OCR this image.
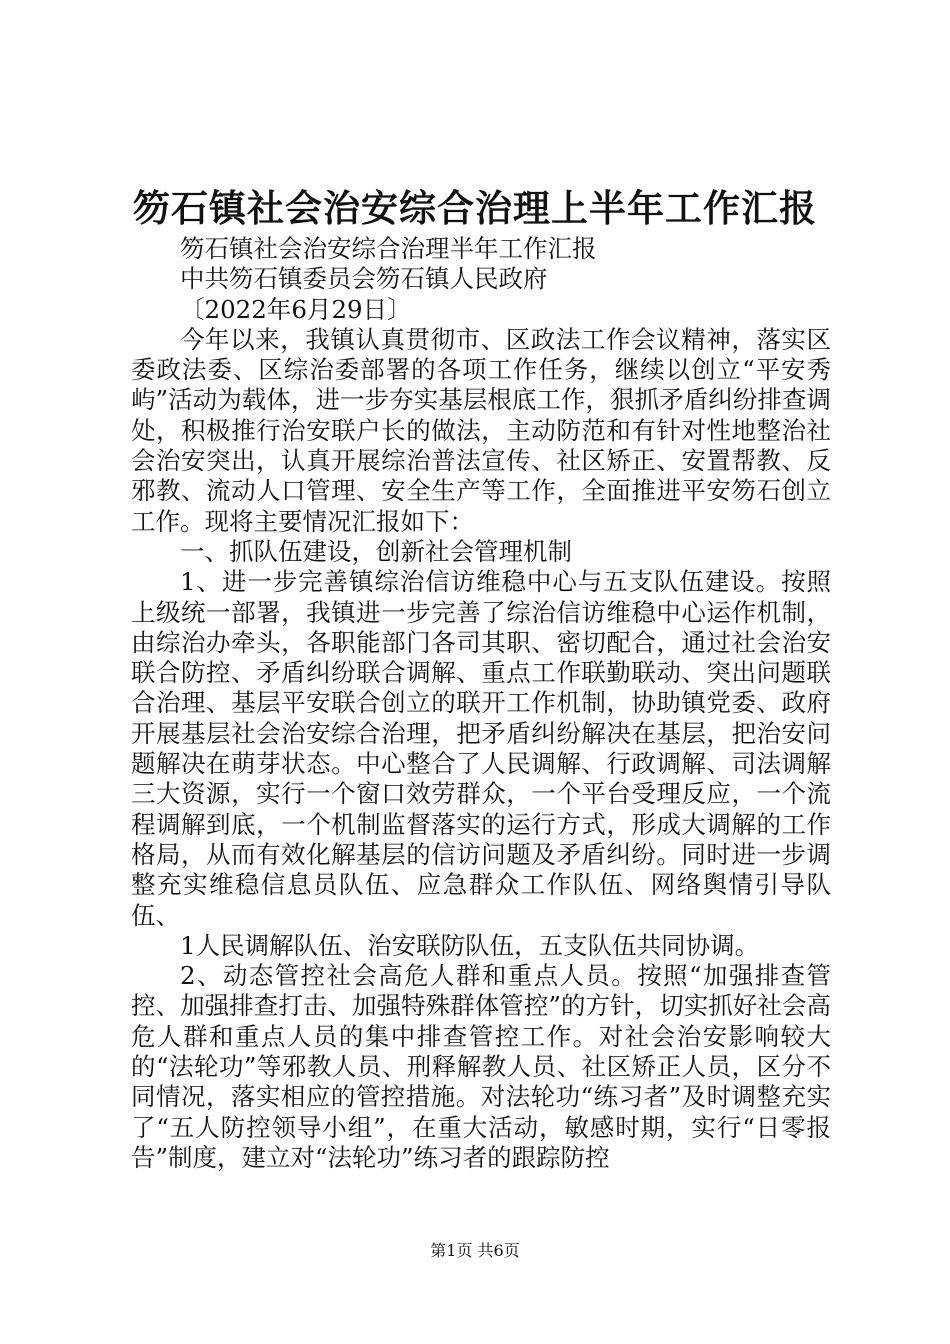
笏石镇社会治安综合治理上半年工作汇报

笏石镇社会治安综合治理半年工作汇报

中共笏石镇委员会笏石镇人民政府

〔2022年6月29日〕

今年以来，我镇认真贯彻市、区政法工作会议精神，落实区委政法委、区综治委部署的各项工作任务，继续以创立“平安秀屿”活动为载体，进一步夯实基层根底工作，狠抓矛盾纠纷排查调处，积极推行治安联户长的做法，主动防范和有针对性地整治社会治安突出，认真开展综治普法宣传、社区矫正、安置帮教、反邪教、流动人口管理、安全生产等工作，全面推进平安笏石创立工作。现将主要情况汇报如下：

一、抓队伍建设，创新社会管理机制

1、进一步完善镇综治信访维稳中心与五支队伍建设。按照上级统一部署，我镇进一步完善了综治信访维稳中心运作机制，由综治办牵头，各职能部门各司其职、密切配合，通过社会治安联合防控、矛盾纠纷联合调解、重点工作联勤联动、突出问题联合治理、基层平安联合创立的联开工作机制，协助镇党委、政府开展基层社会治安综合治理，把矛盾纠纷解决在基层，把治安问题解决在萌芽状态。中心整合了人民调解、行政调解、司法调解三大资源，实行一个窗口效劳群众，一个平台受理反应，一个流程调解到底，一个机制监督落实的运行方式，形成大调解的工作格局，从而有效化解基层的信访问题及矛盾纠纷。同时进一步调整充实维稳信息员队伍、应急群众工作队伍、网络舆情引导队伍、

1人民调解队伍、治安联防队伍，五支队伍共同协调。

2、动态管控社会高危人群和重点人员。按照“加强排查管控、加强排查打击、加强特殊群体管控”的方针，切实抓好社会高危人群和重点人员的集中排查管控工作。对社会治安影响较大的“法轮功”等邪教人员、刑释解教人员、社区矫正人员，区分不同情况，落实相应的管控措施。对法轮功“练习者”及时调整充实了“五人防控领导小组”，在重大活动，敏感时期，实行“日零报告”制度，建立对“法轮功”练习者的跟踪防控

第1页 共6页
